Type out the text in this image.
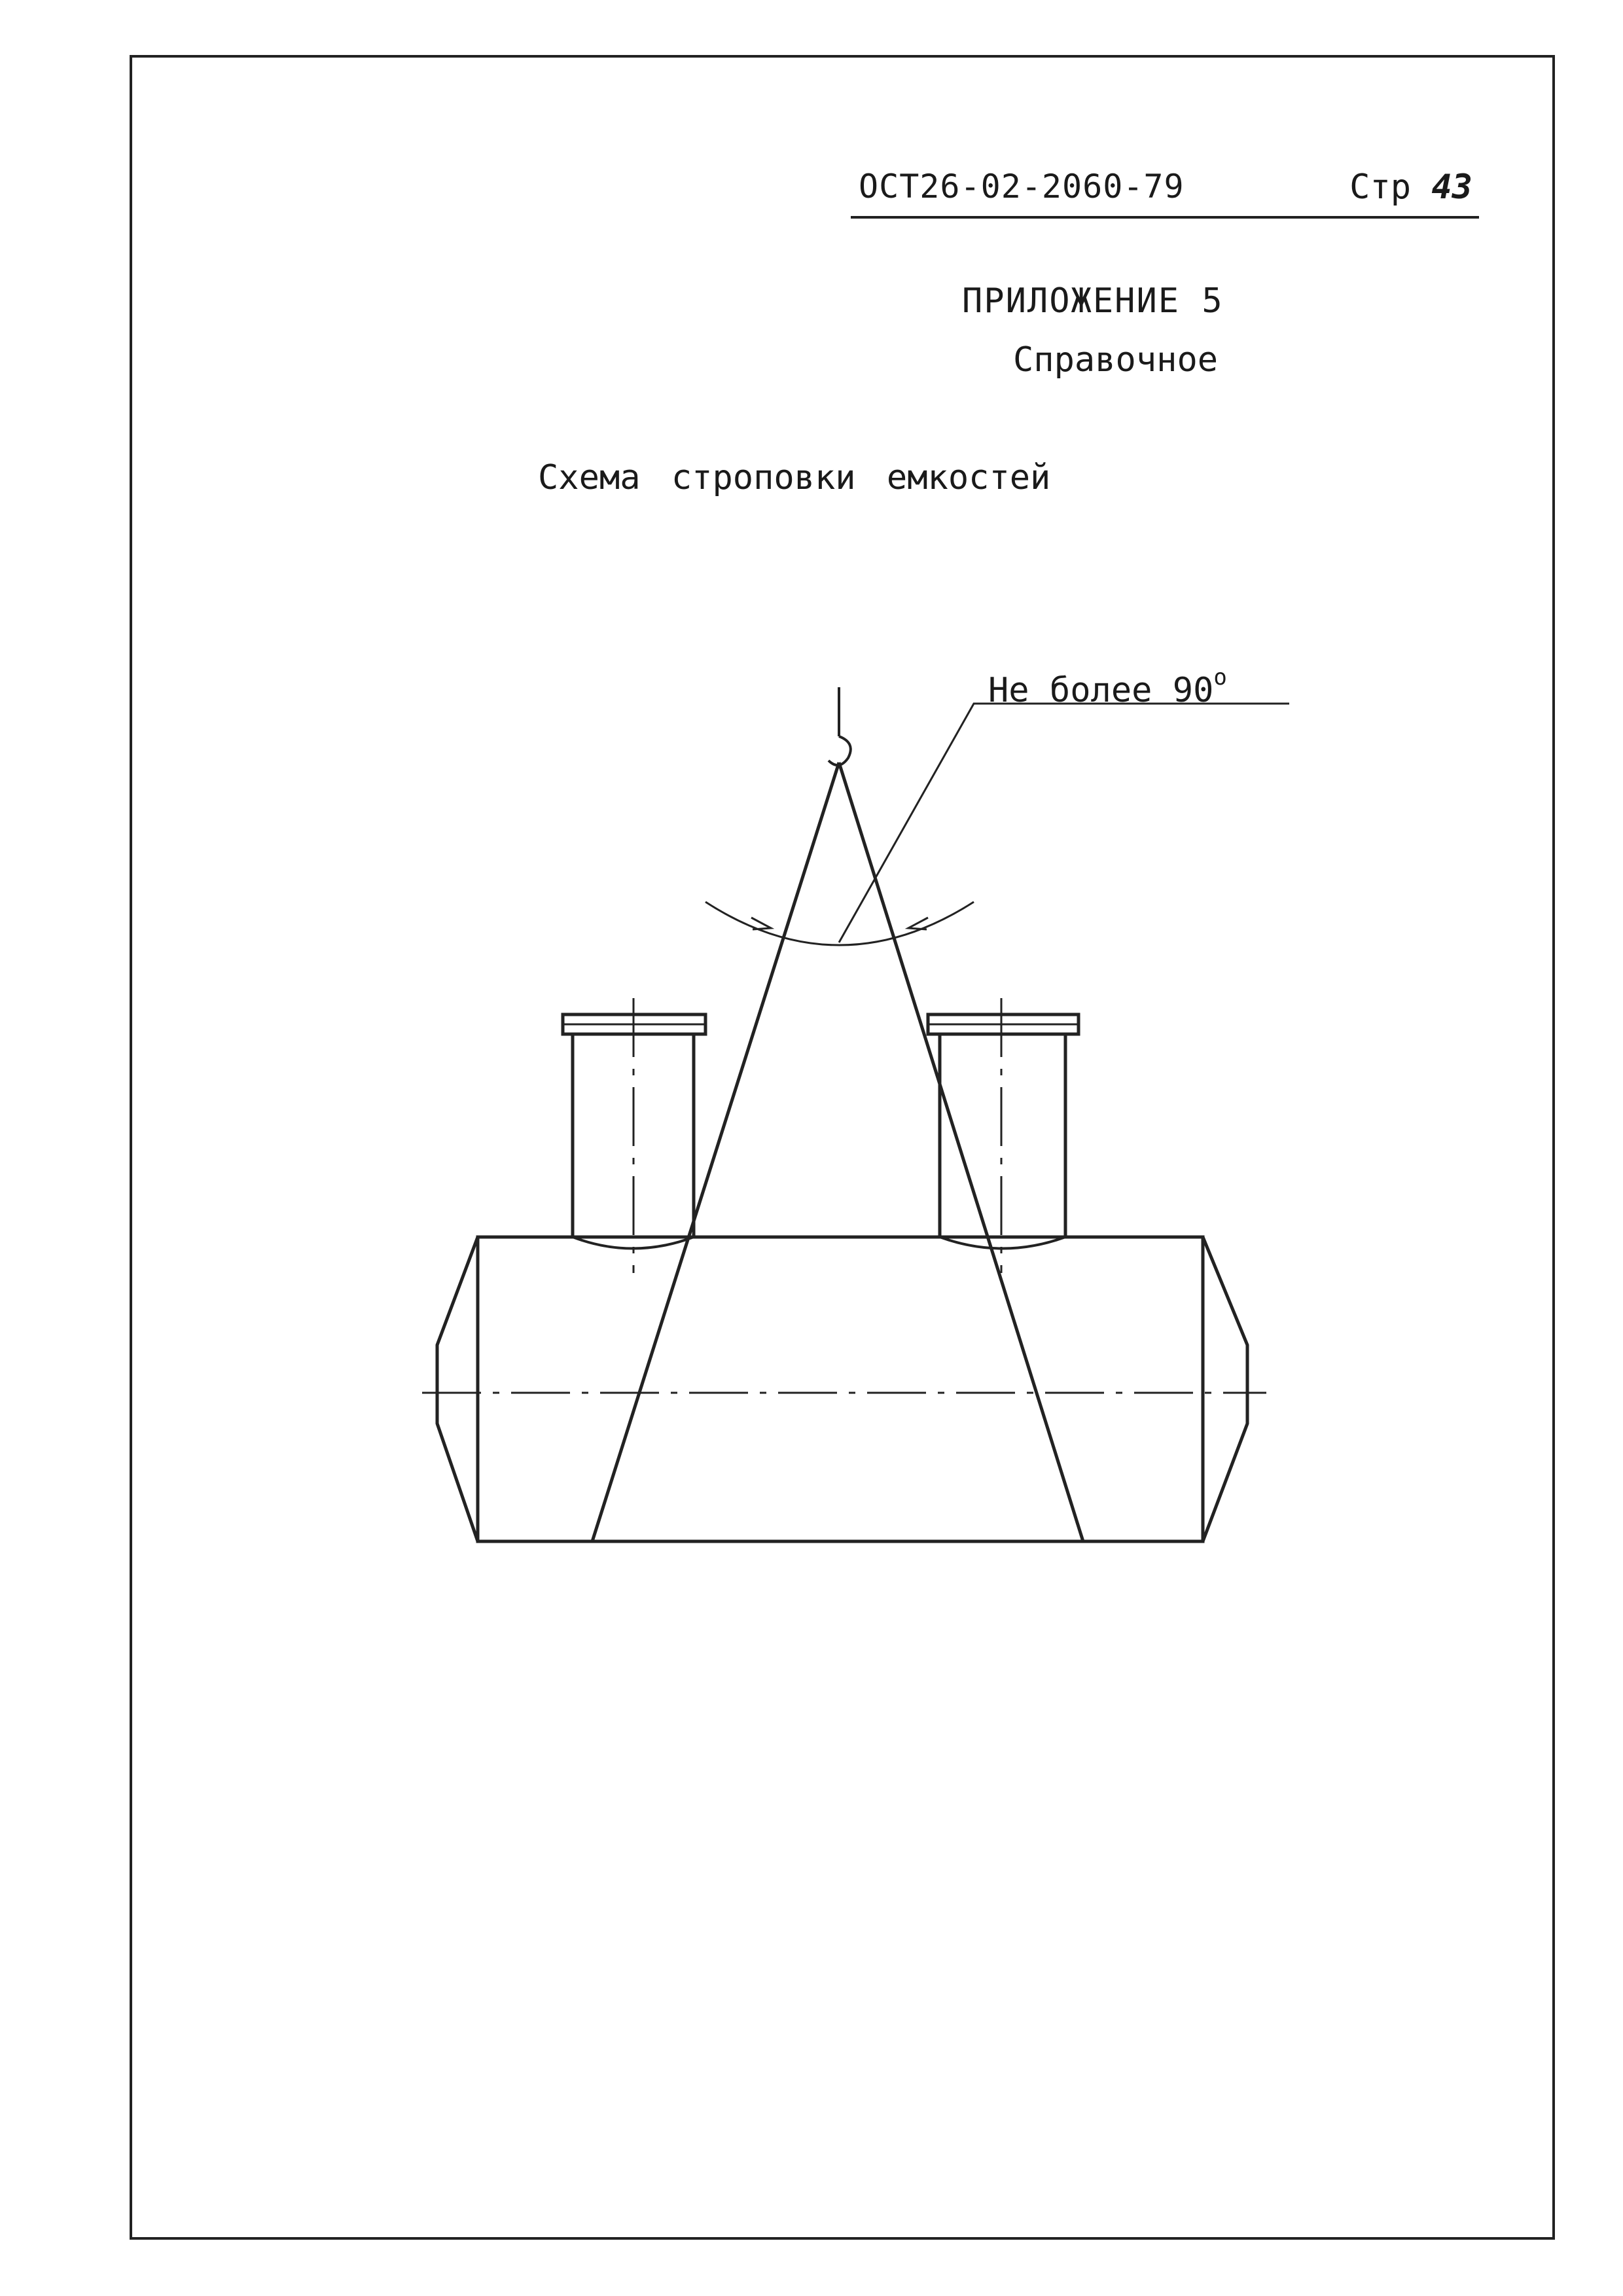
ОСТ26-02-2060-79	Стр 43
ПРИЛОЖЕНИЕ 5
Справочное
Схема строповки емкостей
Не более $90^о$
